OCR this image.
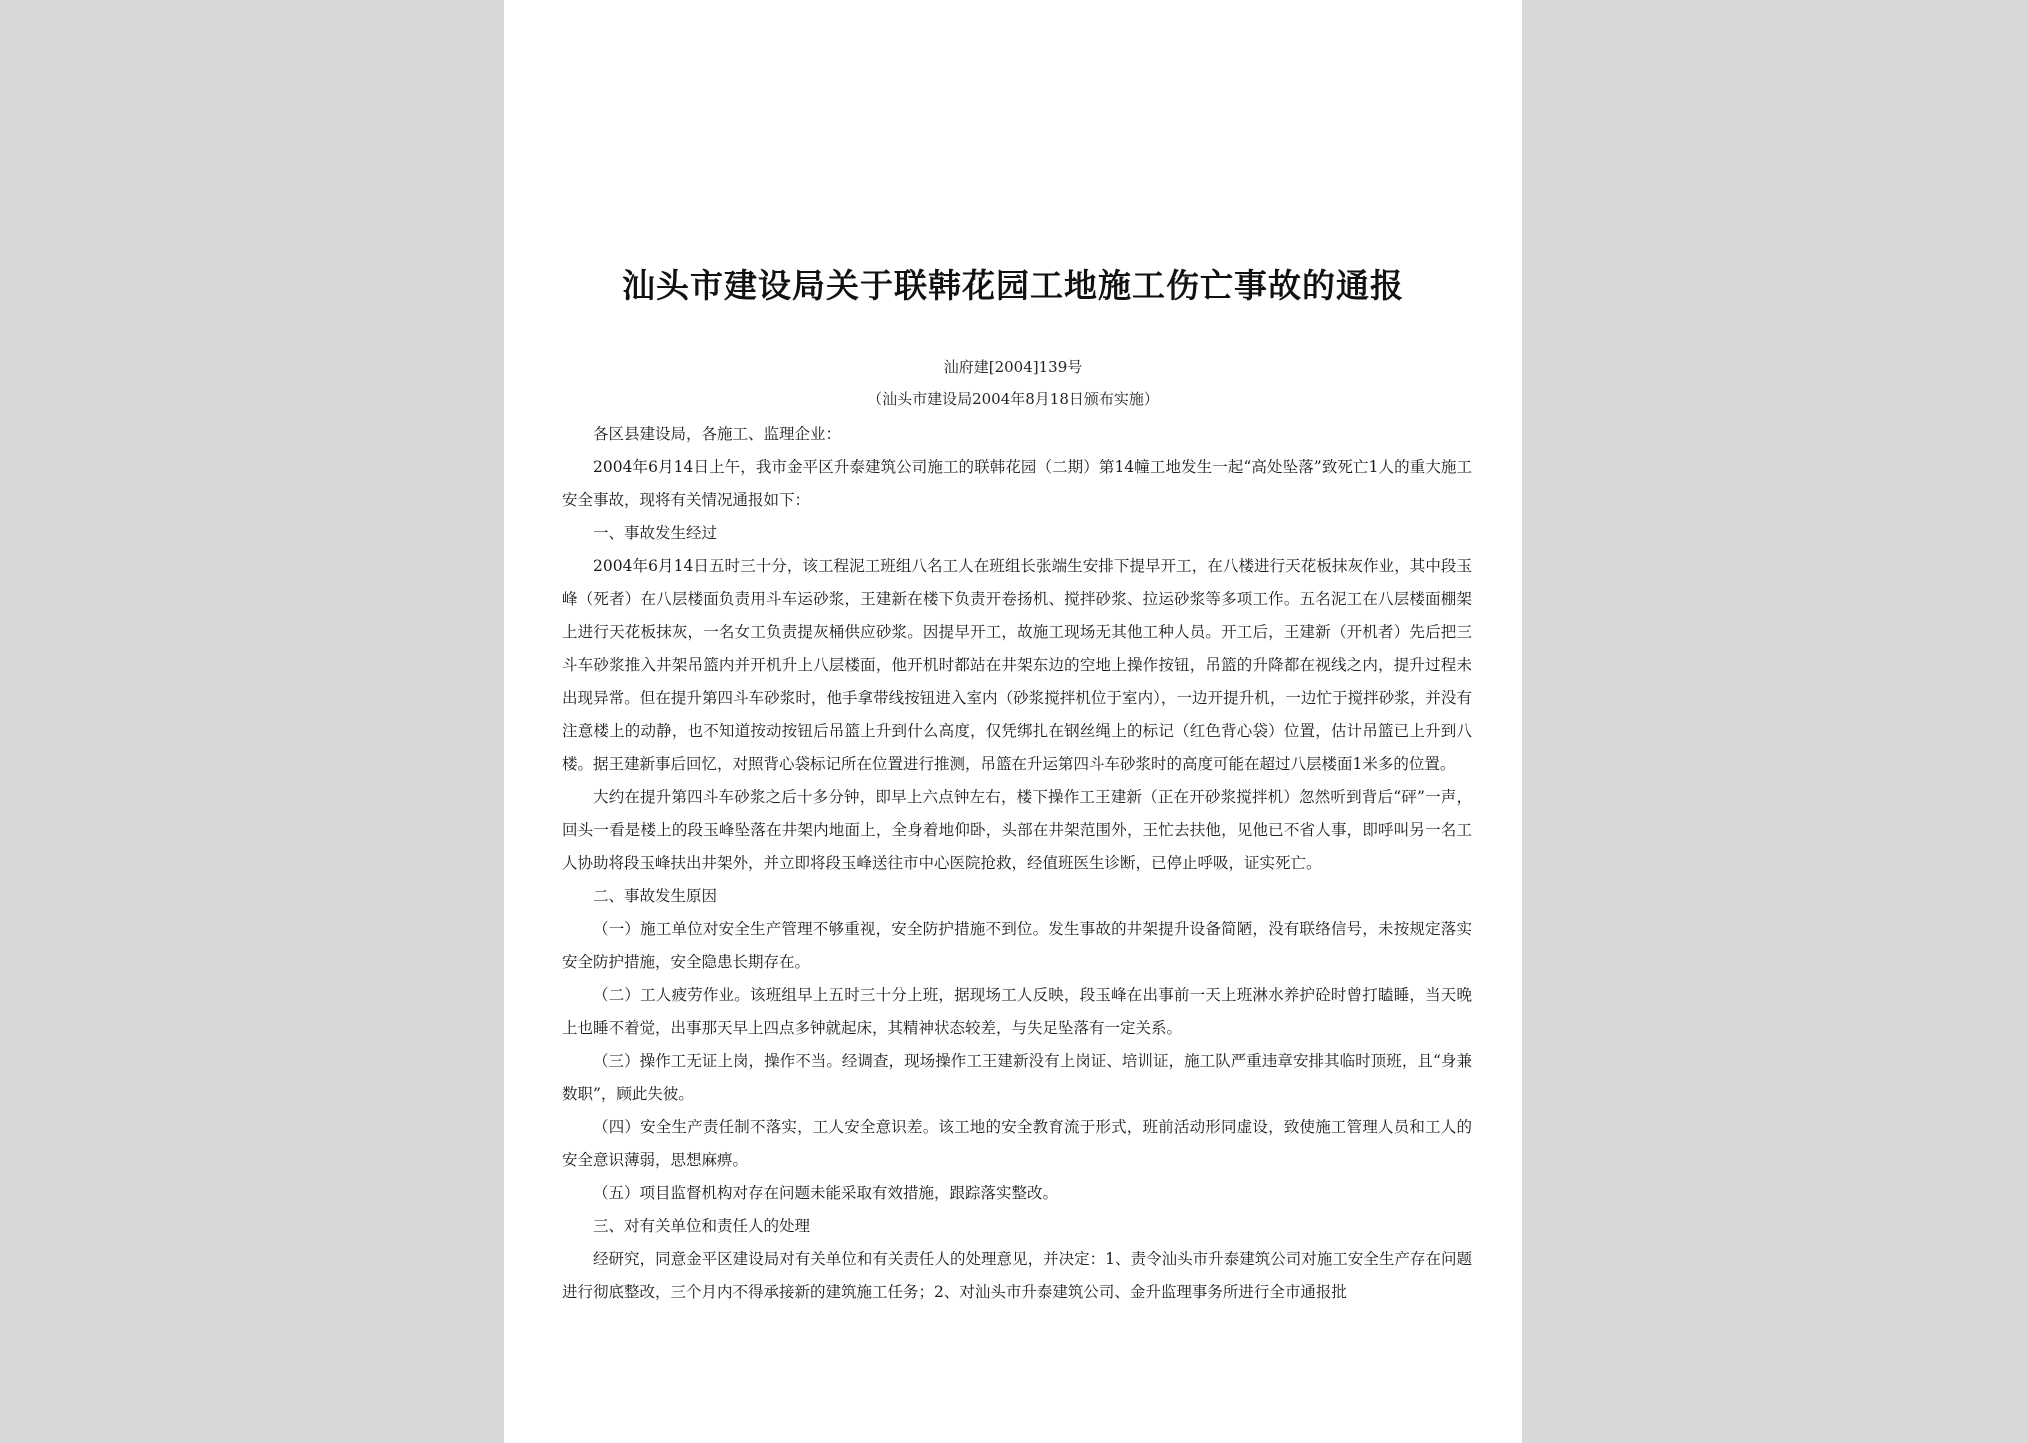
汕头市建设局关于联韩花园工地施工伤亡事故的通报
汕府建[2004]139号
（汕头市建设局2004年8月18日颁布实施）

各区县建设局，各施工、监理企业：

2004年6月14日上午，我市金平区升泰建筑公司施工的联韩花园（二期）第14幢工地发生一起“高处坠落”致死亡1人的重大施工安全事故，现将有关情况通报如下：

一、事故发生经过

2004年6月14日五时三十分，该工程泥工班组八名工人在班组长张端生安排下提早开工，在八楼进行天花板抹灰作业，其中段玉峰（死者）在八层楼面负责用斗车运砂浆，王建新在楼下负责开卷扬机、搅拌砂浆、拉运砂浆等多项工作。五名泥工在八层楼面棚架上进行天花板抹灰，一名女工负责提灰桶供应砂浆。因提早开工，故施工现场无其他工种人员。开工后，王建新（开机者）先后把三斗车砂浆推入井架吊篮内并开机升上八层楼面，他开机时都站在井架东边的空地上操作按钮，吊篮的升降都在视线之内，提升过程未出现异常。但在提升第四斗车砂浆时，他手拿带线按钮进入室内（砂浆搅拌机位于室内），一边开提升机，一边忙于搅拌砂浆，并没有注意楼上的动静，也不知道按动按钮后吊篮上升到什么高度，仅凭绑扎在钢丝绳上的标记（红色背心袋）位置，估计吊篮已上升到八楼。据王建新事后回忆，对照背心袋标记所在位置进行推测，吊篮在升运第四斗车砂浆时的高度可能在超过八层楼面1米多的位置。

大约在提升第四斗车砂浆之后十多分钟，即早上六点钟左右，楼下操作工王建新（正在开砂浆搅拌机）忽然听到背后“砰”一声，回头一看是楼上的段玉峰坠落在井架内地面上，全身着地仰卧，头部在井架范围外，王忙去扶他，见他已不省人事，即呼叫另一名工人协助将段玉峰扶出井架外，并立即将段玉峰送往市中心医院抢救，经值班医生诊断，已停止呼吸，证实死亡。

二、事故发生原因

（一）施工单位对安全生产管理不够重视，安全防护措施不到位。发生事故的井架提升设备简陋，没有联络信号，未按规定落实安全防护措施，安全隐患长期存在。

（二）工人疲劳作业。该班组早上五时三十分上班，据现场工人反映，段玉峰在出事前一天上班淋水养护砼时曾打瞌睡，当天晚上也睡不着觉，出事那天早上四点多钟就起床，其精神状态较差，与失足坠落有一定关系。

（三）操作工无证上岗，操作不当。经调查，现场操作工王建新没有上岗证、培训证，施工队严重违章安排其临时顶班，且“身兼数职”，顾此失彼。

（四）安全生产责任制不落实，工人安全意识差。该工地的安全教育流于形式，班前活动形同虚设，致使施工管理人员和工人的安全意识薄弱，思想麻痹。

（五）项目监督机构对存在问题未能采取有效措施，跟踪落实整改。

三、对有关单位和责任人的处理

经研究，同意金平区建设局对有关单位和有关责任人的处理意见，并决定：1、责令汕头市升泰建筑公司对施工安全生产存在问题进行彻底整改，三个月内不得承接新的建筑施工任务；2、对汕头市升泰建筑公司、金升监理事务所进行全市通报批
